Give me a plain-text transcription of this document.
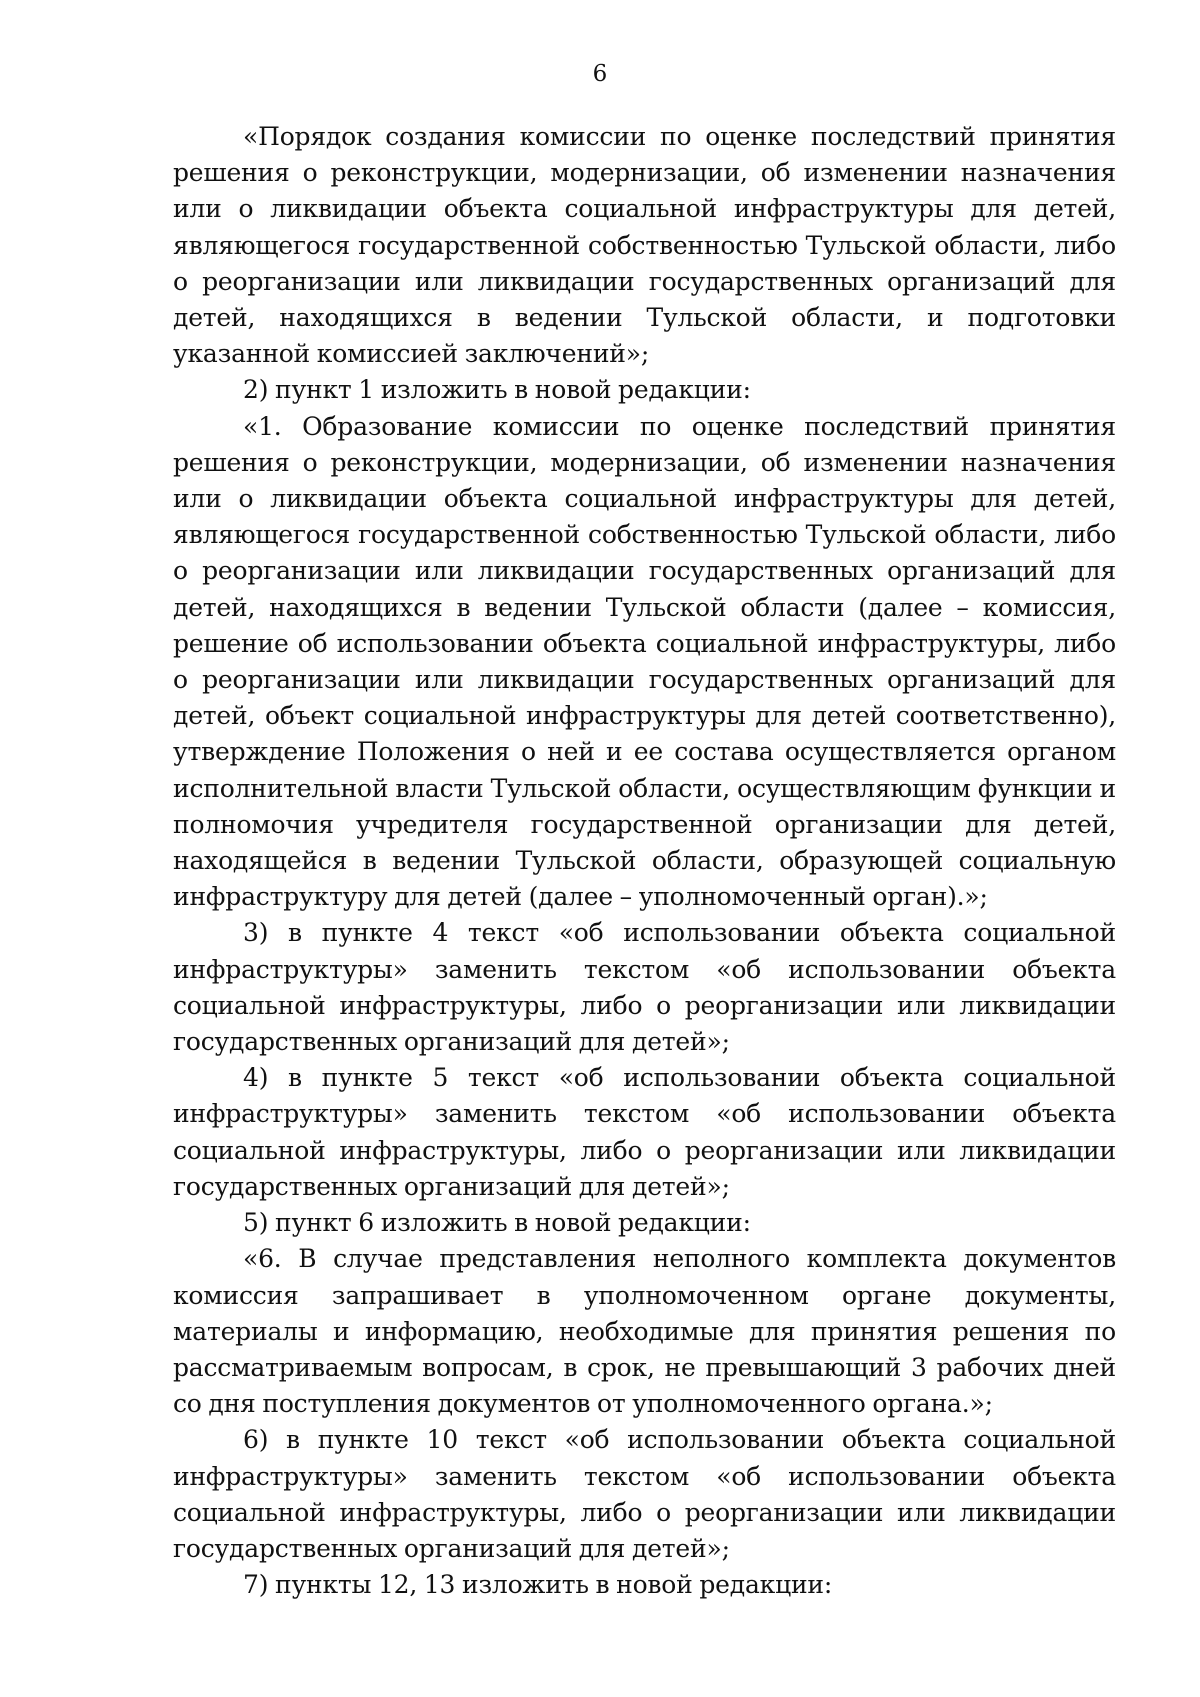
6

«Порядок создания комиссии по оценке последствий принятия решения о реконструкции, модернизации, об изменении назначения или о ликвидации объекта социальной инфраструктуры для детей, являющегося государственной собственностью Тульской области, либо о реорганизации или ликвидации государственных организаций для детей, находящихся в ведении Тульской области, и подготовки указанной комиссией заключений»;

2) пункт 1 изложить в новой редакции:

«1. Образование комиссии по оценке последствий принятия решения о реконструкции, модернизации, об изменении назначения или о ликвидации объекта социальной инфраструктуры для детей, являющегося государственной собственностью Тульской области, либо о реорганизации или ликвидации государственных организаций для детей, находящихся в ведении Тульской области (далее – комиссия, решение об использовании объекта социальной инфраструктуры, либо о реорганизации или ликвидации государственных организаций для детей, объект социальной инфраструктуры для детей соответственно), утверждение Положения о ней и ее состава осуществляется органом исполнительной власти Тульской области, осуществляющим функции и полномочия учредителя государственной организации для детей, находящейся в ведении Тульской области, образующей социальную инфраструктуру для детей (далее – уполномоченный орган).»;

3) в пункте 4 текст «об использовании объекта социальной инфраструктуры» заменить текстом «об использовании объекта социальной инфраструктуры, либо о реорганизации или ликвидации государственных организаций для детей»;

4) в пункте 5 текст «об использовании объекта социальной инфраструктуры» заменить текстом «об использовании объекта социальной инфраструктуры, либо о реорганизации или ликвидации государственных организаций для детей»;

5) пункт 6 изложить в новой редакции:

«6. В случае представления неполного комплекта документов комиссия запрашивает в уполномоченном органе документы, материалы и информацию, необходимые для принятия решения по рассматриваемым вопросам, в срок, не превышающий 3 рабочих дней со дня поступления документов от уполномоченного органа.»;

6) в пункте 10 текст «об использовании объекта социальной инфраструктуры» заменить текстом «об использовании объекта социальной инфраструктуры, либо о реорганизации или ликвидации государственных организаций для детей»;

7) пункты 12, 13 изложить в новой редакции:
